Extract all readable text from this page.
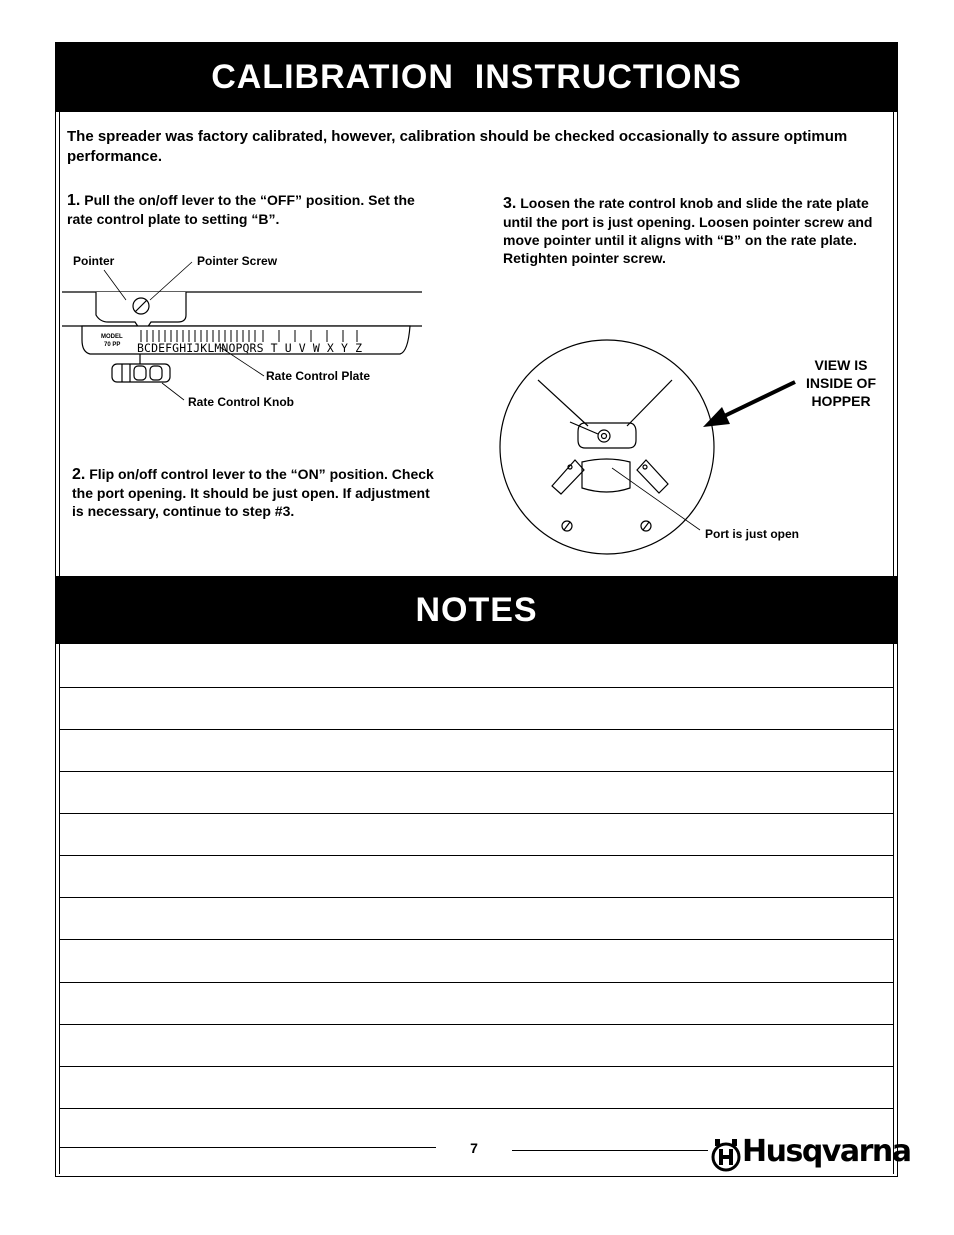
CALIBRATION  INSTRUCTIONS
The spreader was factory calibrated, however, calibration should be checked occasionally to assure optimum performance.
1. Pull the on/off lever to the “OFF” position. Set the rate control plate to setting “B”.
2. Flip on/off control lever to the “ON” position. Check the port opening. It should be just open. If adjustment is necessary, continue to step #3.
3. Loosen the rate control knob and slide the rate plate until the port is just opening. Loosen pointer screw and move pointer until it aligns with “B” on the rate plate. Retighten pointer screw.
MODEL
70 PP BCDEFGHIJKLMNOPQRS T U V W X Y Z
Pointer	Pointer Screw
Rate Control Plate
Rate Control Knob
VIEW IS INSIDE OF HOPPER
Port is just open
NOTES
7	Husqvarna
